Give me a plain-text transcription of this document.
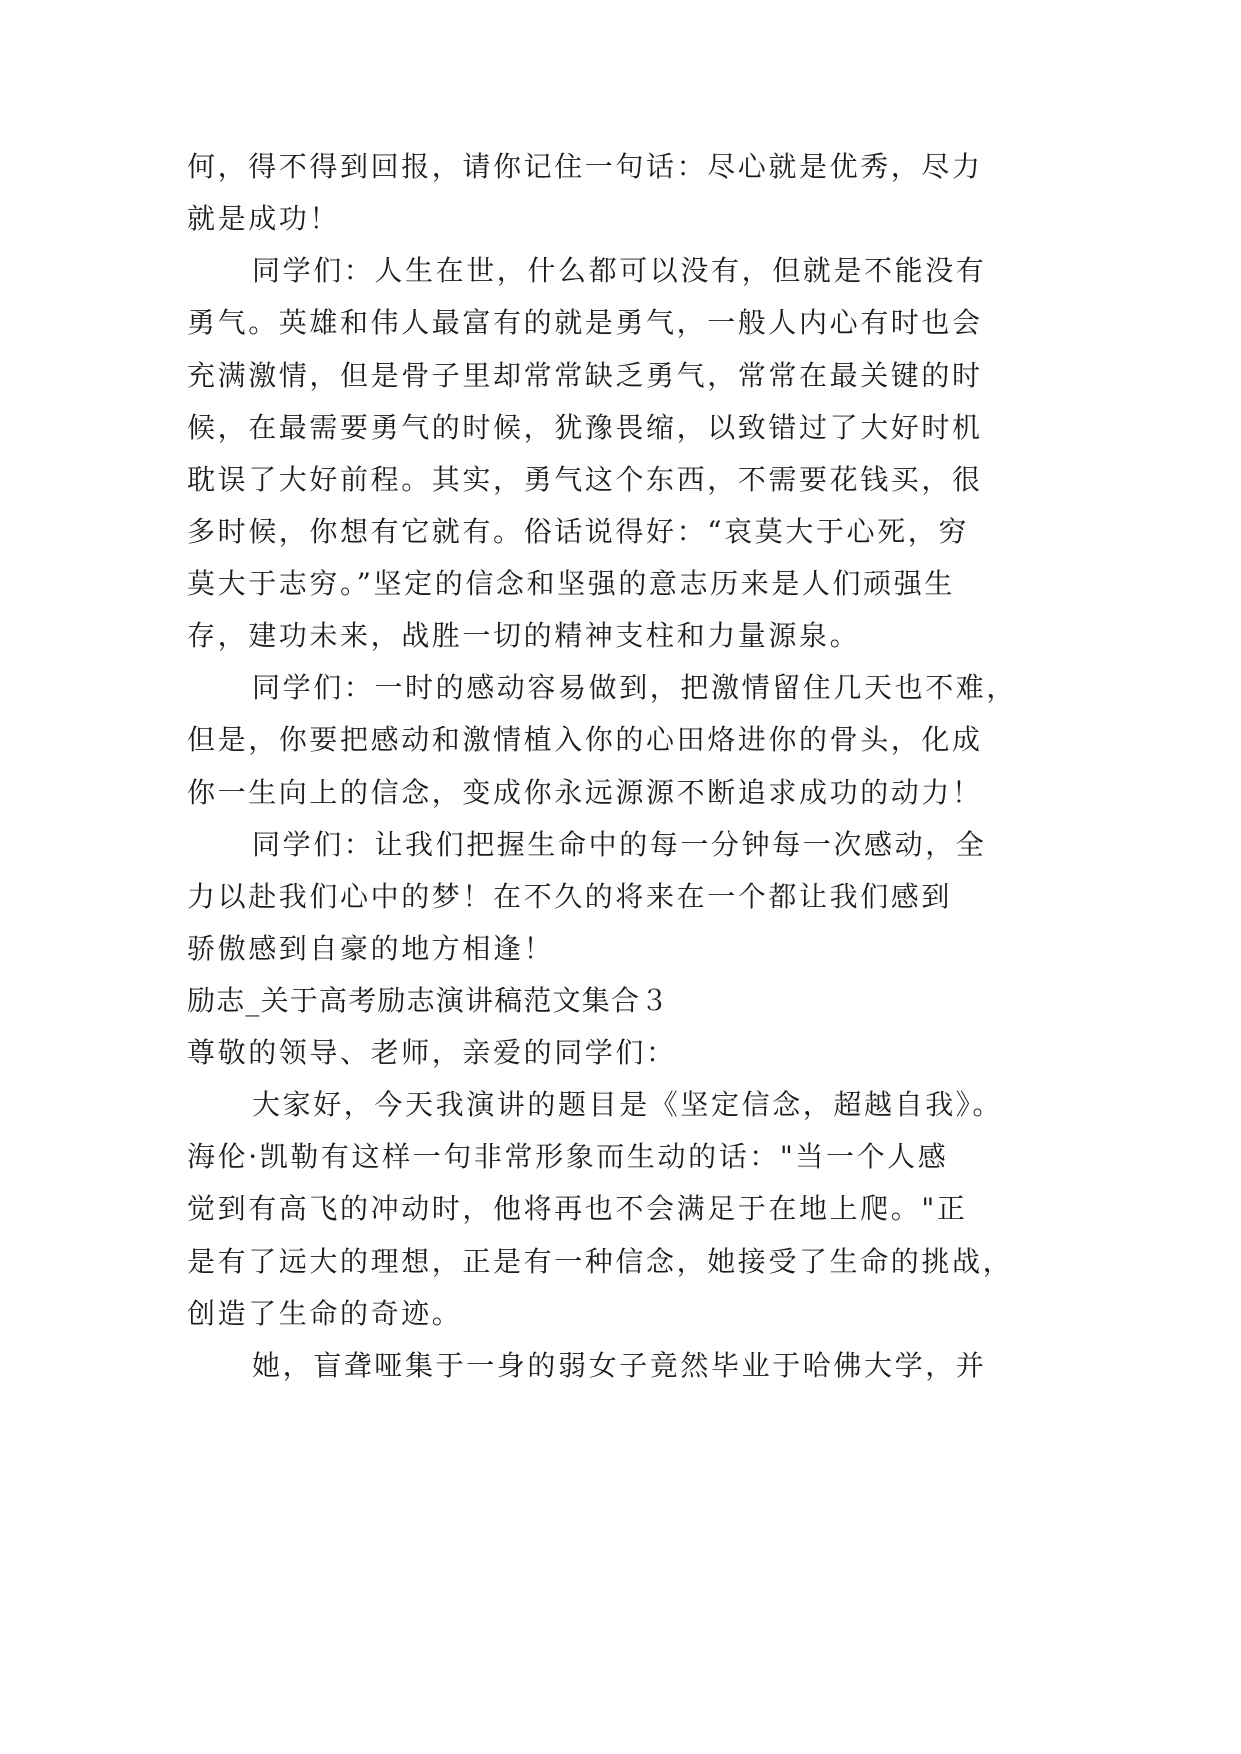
何，得不得到回报，请你记住一句话：尽心就是优秀，尽力
就是成功！
同学们：人生在世，什么都可以没有，但就是不能没有
勇气。英雄和伟人最富有的就是勇气，一般人内心有时也会
充满激情，但是骨子里却常常缺乏勇气，常常在最关键的时
候，在最需要勇气的时候，犹豫畏缩，以致错过了大好时机
耽误了大好前程。其实，勇气这个东西，不需要花钱买，很
多时候，你想有它就有。俗话说得好：“哀莫大于心死，穷
莫大于志穷。”坚定的信念和坚强的意志历来是人们顽强生
存，建功未来，战胜一切的精神支柱和力量源泉。
同学们：一时的感动容易做到，把激情留住几天也不难，
但是，你要把感动和激情植入你的心田烙进你的骨头，化成
你一生向上的信念，变成你永远源源不断追求成功的动力！
同学们：让我们把握生命中的每一分钟每一次感动，全
力以赴我们心中的梦！在不久的将来在一个都让我们感到
骄傲感到自豪的地方相逢！
励志_关于高考励志演讲稿范文集合３
尊敬的领导、老师，亲爱的同学们：
大家好，今天我演讲的题目是《坚定信念，超越自我》。
海伦·凯勒有这样一句非常形象而生动的话："当一个人感
觉到有高飞的冲动时，他将再也不会满足于在地上爬。"正
是有了远大的理想，正是有一种信念，她接受了生命的挑战，
创造了生命的奇迹。
她，盲聋哑集于一身的弱女子竟然毕业于哈佛大学，并
